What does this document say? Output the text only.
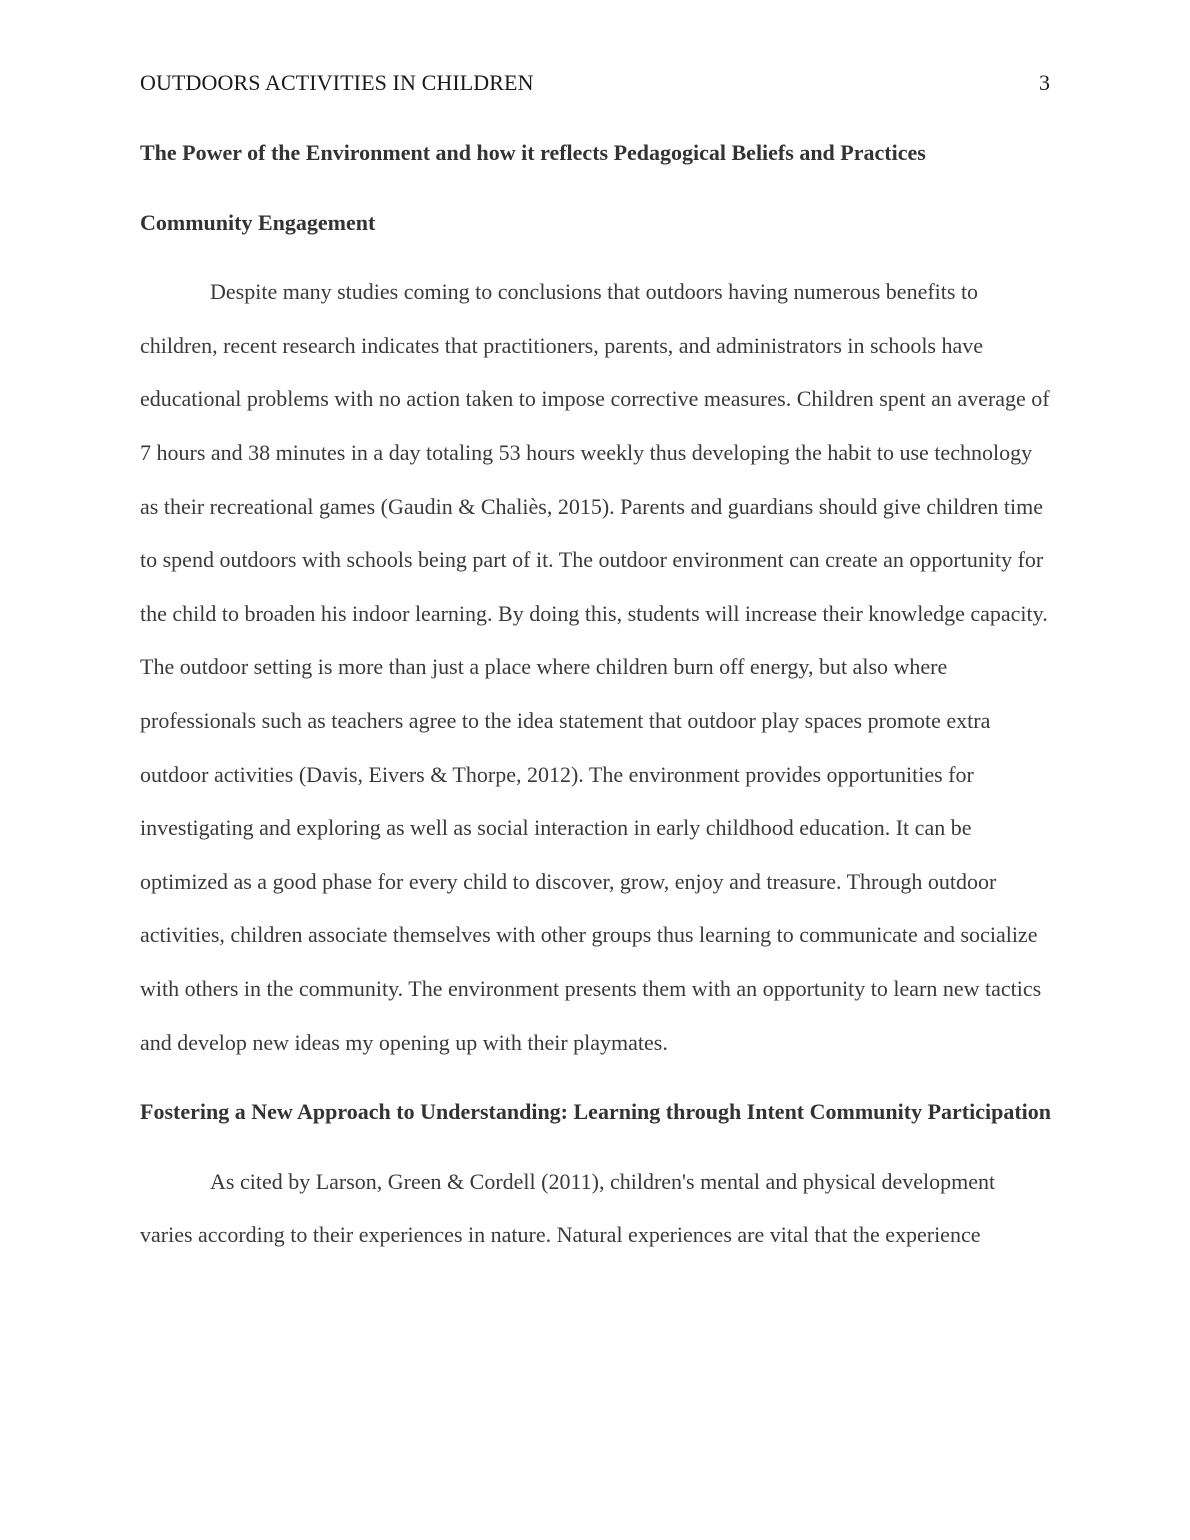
OUTDOORS ACTIVITIES IN CHILDREN	3
The Power of the Environment and how it reflects Pedagogical Beliefs and Practices
Community Engagement

Despite many studies coming to conclusions that outdoors having numerous benefits to children, recent research indicates that practitioners, parents, and administrators in schools have educational problems with no action taken to impose corrective measures. Children spent an average of 7 hours and 38 minutes in a day totaling 53 hours weekly thus developing the habit to use technology as their recreational games (Gaudin & Chaliès, 2015). Parents and guardians should give children time to spend outdoors with schools being part of it. The outdoor environment can create an opportunity for the child to broaden his indoor learning. By doing this, students will increase their knowledge capacity. The outdoor setting is more than just a place where children burn off energy, but also where professionals such as teachers agree to the idea statement that outdoor play spaces promote extra outdoor activities (Davis, Eivers & Thorpe, 2012). The environment provides opportunities for investigating and exploring as well as social interaction in early childhood education. It can be optimized as a good phase for every child to discover, grow, enjoy and treasure. Through outdoor activities, children associate themselves with other groups thus learning to communicate and socialize with others in the community. The environment presents them with an opportunity to learn new tactics and develop new ideas my opening up with their playmates.

Fostering a New Approach to Understanding: Learning through Intent Community Participation

As cited by Larson, Green & Cordell (2011), children's mental and physical development varies according to their experiences in nature. Natural experiences are vital that the experience
